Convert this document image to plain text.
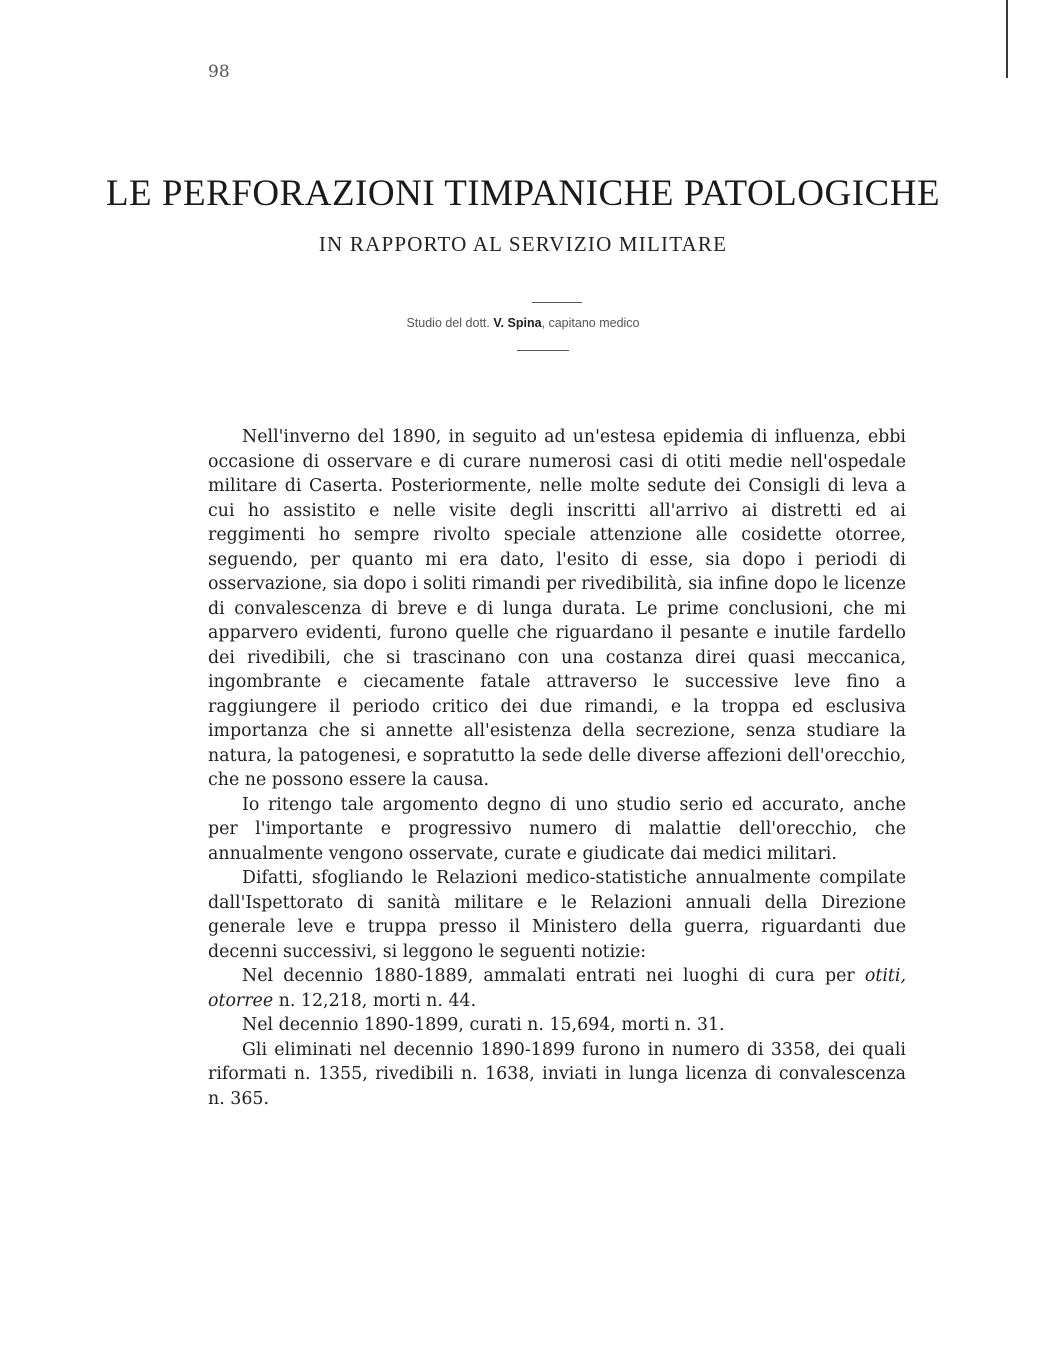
98
LE PERFORAZIONI TIMPANICHE PATOLOGICHE
IN RAPPORTO AL SERVIZIO MILITARE
Studio del dott. V. Spina, capitano medico

Nell'inverno del 1890, in seguito ad un'estesa epidemia di influenza, ebbi occasione di osservare e di curare numerosi casi di otiti medie nell'ospedale militare di Caserta. Posteriormente, nelle molte sedute dei Consigli di leva a cui ho assistito e nelle visite degli inscritti all'arrivo ai distretti ed ai reggimenti ho sempre rivolto speciale attenzione alle cosidette otorree, seguendo, per quanto mi era dato, l'esito di esse, sia dopo i periodi di osservazione, sia dopo i soliti rimandi per rivedibilità, sia infine dopo le licenze di convalescenza di breve e di lunga durata. Le prime conclusioni, che mi apparvero evidenti, furono quelle che riguardano il pesante e inutile fardello dei rivedibili, che si trascinano con una costanza direi quasi meccanica, ingombrante e ciecamente fatale attraverso le successive leve fino a raggiungere il periodo critico dei due rimandi, e la troppa ed esclusiva importanza che si annette all'esistenza della secrezione, senza studiare la natura, la patogenesi, e sopratutto la sede delle diverse affezioni dell'orecchio, che ne possono essere la causa.

Io ritengo tale argomento degno di uno studio serio ed accurato, anche per l'importante e progressivo numero di malattie dell'orecchio, che annualmente vengono osservate, curate e giudicate dai medici militari.

Difatti, sfogliando le Relazioni medico-statistiche annualmente compilate dall'Ispettorato di sanità militare e le Relazioni annuali della Direzione generale leve e truppa presso il Ministero della guerra, riguardanti due decenni successivi, si leggono le seguenti notizie:

Nel decennio 1880-1889, ammalati entrati nei luoghi di cura per otiti, otorree n. 12,218, morti n. 44.

Nel decennio 1890-1899, curati n. 15,694, morti n. 31.

Gli eliminati nel decennio 1890-1899 furono in numero di 3358, dei quali riformati n. 1355, rivedibili n. 1638, inviati in lunga licenza di convalescenza n. 365.
